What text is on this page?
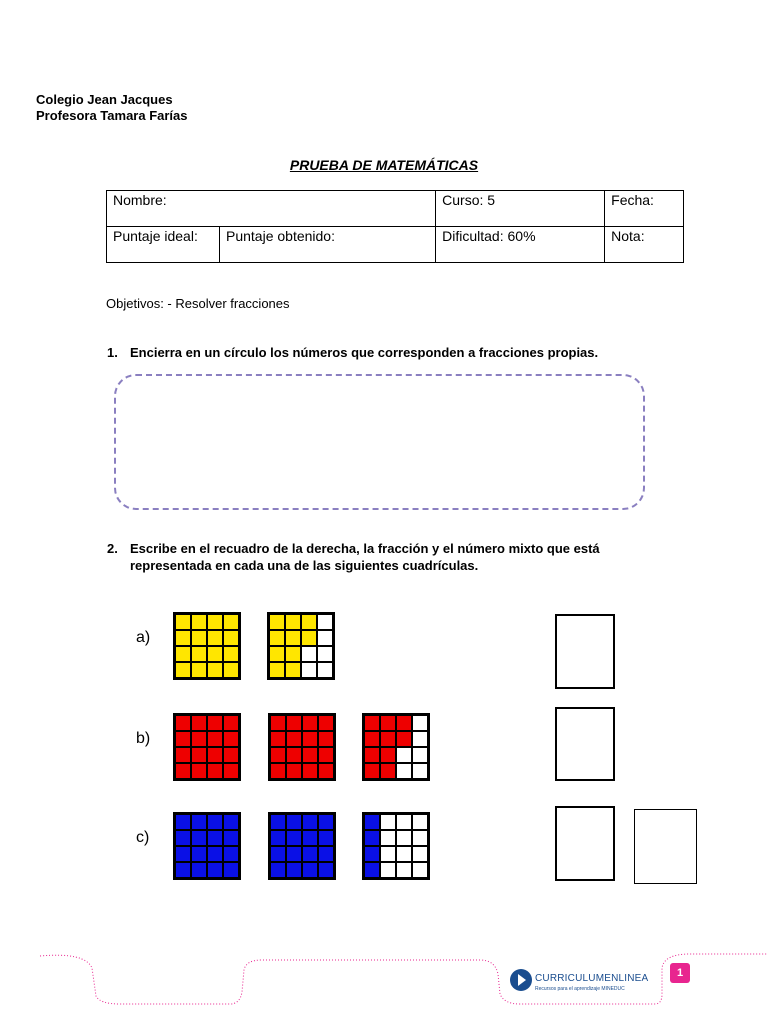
Colegio Jean Jacques
Profesora Tamara Farías
PRUEBA DE MATEMÁTICAS
Nombre:		Curso: 5	Fecha:
Puntaje ideal:	Puntaje obtenido:	Dificultad: 60%	Nota:
Objetivos: - Resolver fracciones
1. Encierra en un círculo los números que corresponden a fracciones propias.
2. Escribe en el recuadro de la derecha, la fracción y el número mixto que está representada en cada una de las siguientes cuadrículas.
a)
b)
c)
CURRICULUMENLINEA
Recursos para el aprendizaje MINEDUC
1
